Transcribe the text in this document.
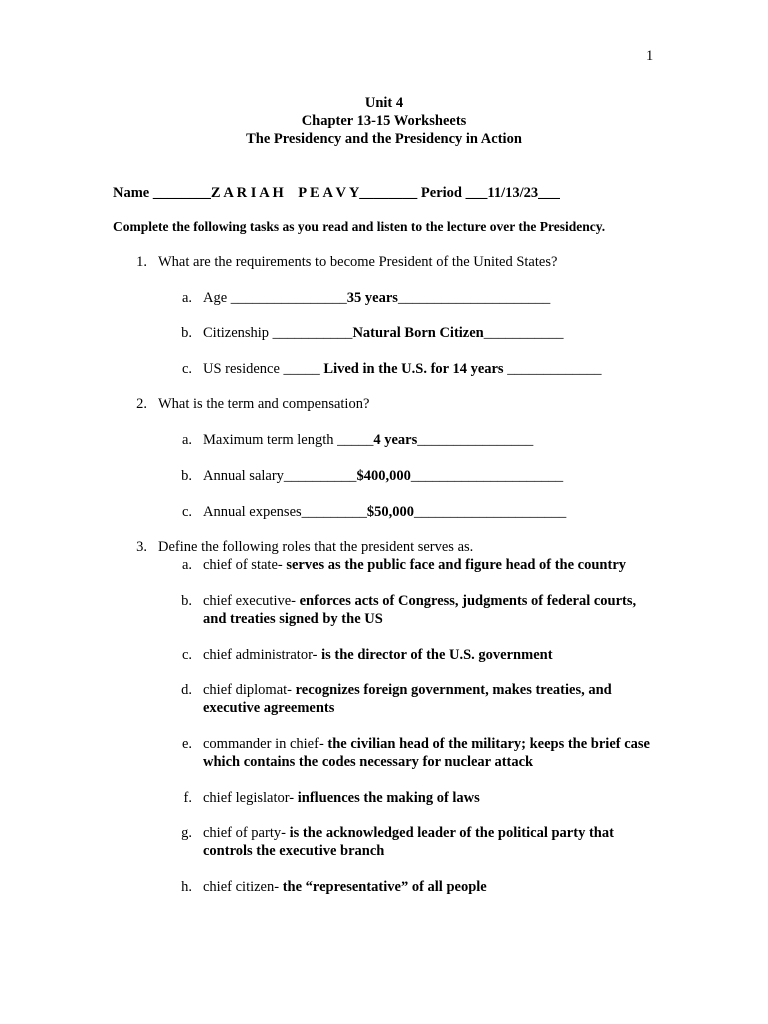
1
Unit 4
Chapter 13-15 Worksheets
The Presidency and the Presidency in Action
Name ________Z A R I A H    P E A V Y________ Period ___11/13/23___
Complete the following tasks as you read and listen to the lecture over the Presidency.
1. What are the requirements to become President of the United States?
a. Age ________________35 years_____________________
b. Citizenship ___________Natural Born Citizen___________
c. US residence _____ Lived in the U.S. for 14 years _____________
2. What is the term and compensation?
a. Maximum term length _____4 years________________
b. Annual salary__________$400,000_____________________
c. Annual expenses_________$50,000_____________________
3. Define the following roles that the president serves as.
a. chief of state- serves as the public face and figure head of the country
b. chief executive- enforces acts of Congress, judgments of federal courts, and treaties signed by the US
c. chief administrator- is the director of the U.S. government
d. chief diplomat- recognizes foreign government, makes treaties, and executive agreements
e. commander in chief- the civilian head of the military; keeps the brief case which contains the codes necessary for nuclear attack
f. chief legislator- influences the making of laws
g. chief of party- is the acknowledged leader of the political party that controls the executive branch
h. chief citizen- the “representative” of all people
